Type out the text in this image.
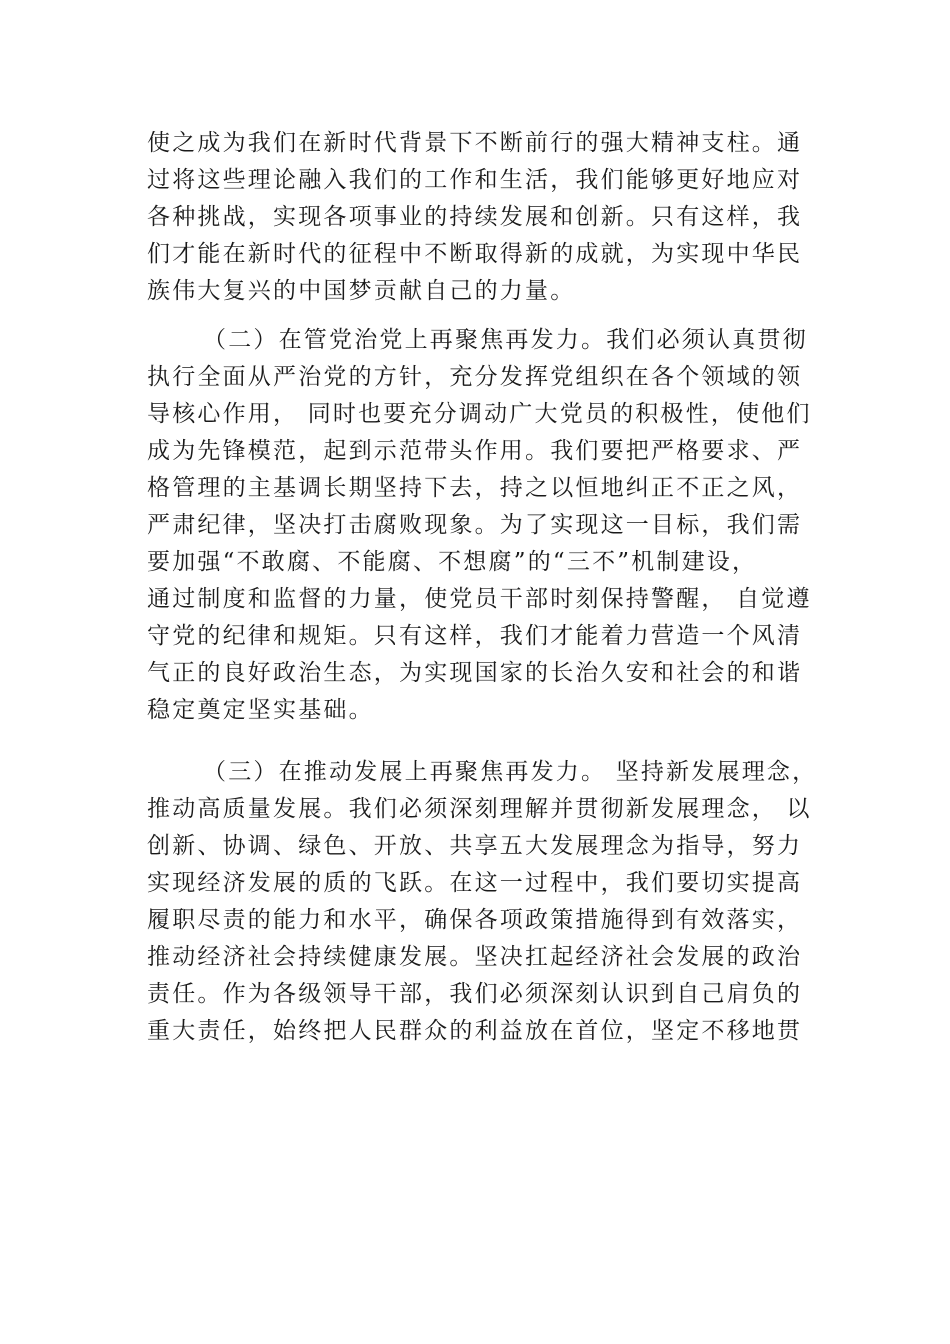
使之成为我们在新时代背景下不断前行的强大精神支柱。通
过将这些理论融入我们的工作和生活，我们能够更好地应对
各种挑战，实现各项事业的持续发展和创新。只有这样，我
们才能在新时代的征程中不断取得新的成就，为实现中华民
族伟大复兴的中国梦贡献自己的力量。
（二）在管党治党上再聚焦再发力。我们必须认真贯彻
执行全面从严治党的方针，充分发挥党组织在各个领域的领
导核心作用， 同时也要充分调动广大党员的积极性，使他们
成为先锋模范，起到示范带头作用。我们要把严格要求、严
格管理的主基调长期坚持下去，持之以恒地纠正不正之风，
严肃纪律，坚决打击腐败现象。为了实现这一目标，我们需
要加强“不敢腐、不能腐、不想腐”的“三不”机制建设，
通过制度和监督的力量，使党员干部时刻保持警醒， 自觉遵
守党的纪律和规矩。只有这样，我们才能着力营造一个风清
气正的良好政治生态，为实现国家的长治久安和社会的和谐
稳定奠定坚实基础。
（三）在推动发展上再聚焦再发力。 坚持新发展理念，
推动高质量发展。我们必须深刻理解并贯彻新发展理念， 以
创新、协调、绿色、开放、共享五大发展理念为指导，努力
实现经济发展的质的飞跃。在这一过程中，我们要切实提高
履职尽责的能力和水平，确保各项政策措施得到有效落实，
推动经济社会持续健康发展。坚决扛起经济社会发展的政治
责任。作为各级领导干部，我们必须深刻认识到自己肩负的
重大责任，始终把人民群众的利益放在首位，坚定不移地贯
